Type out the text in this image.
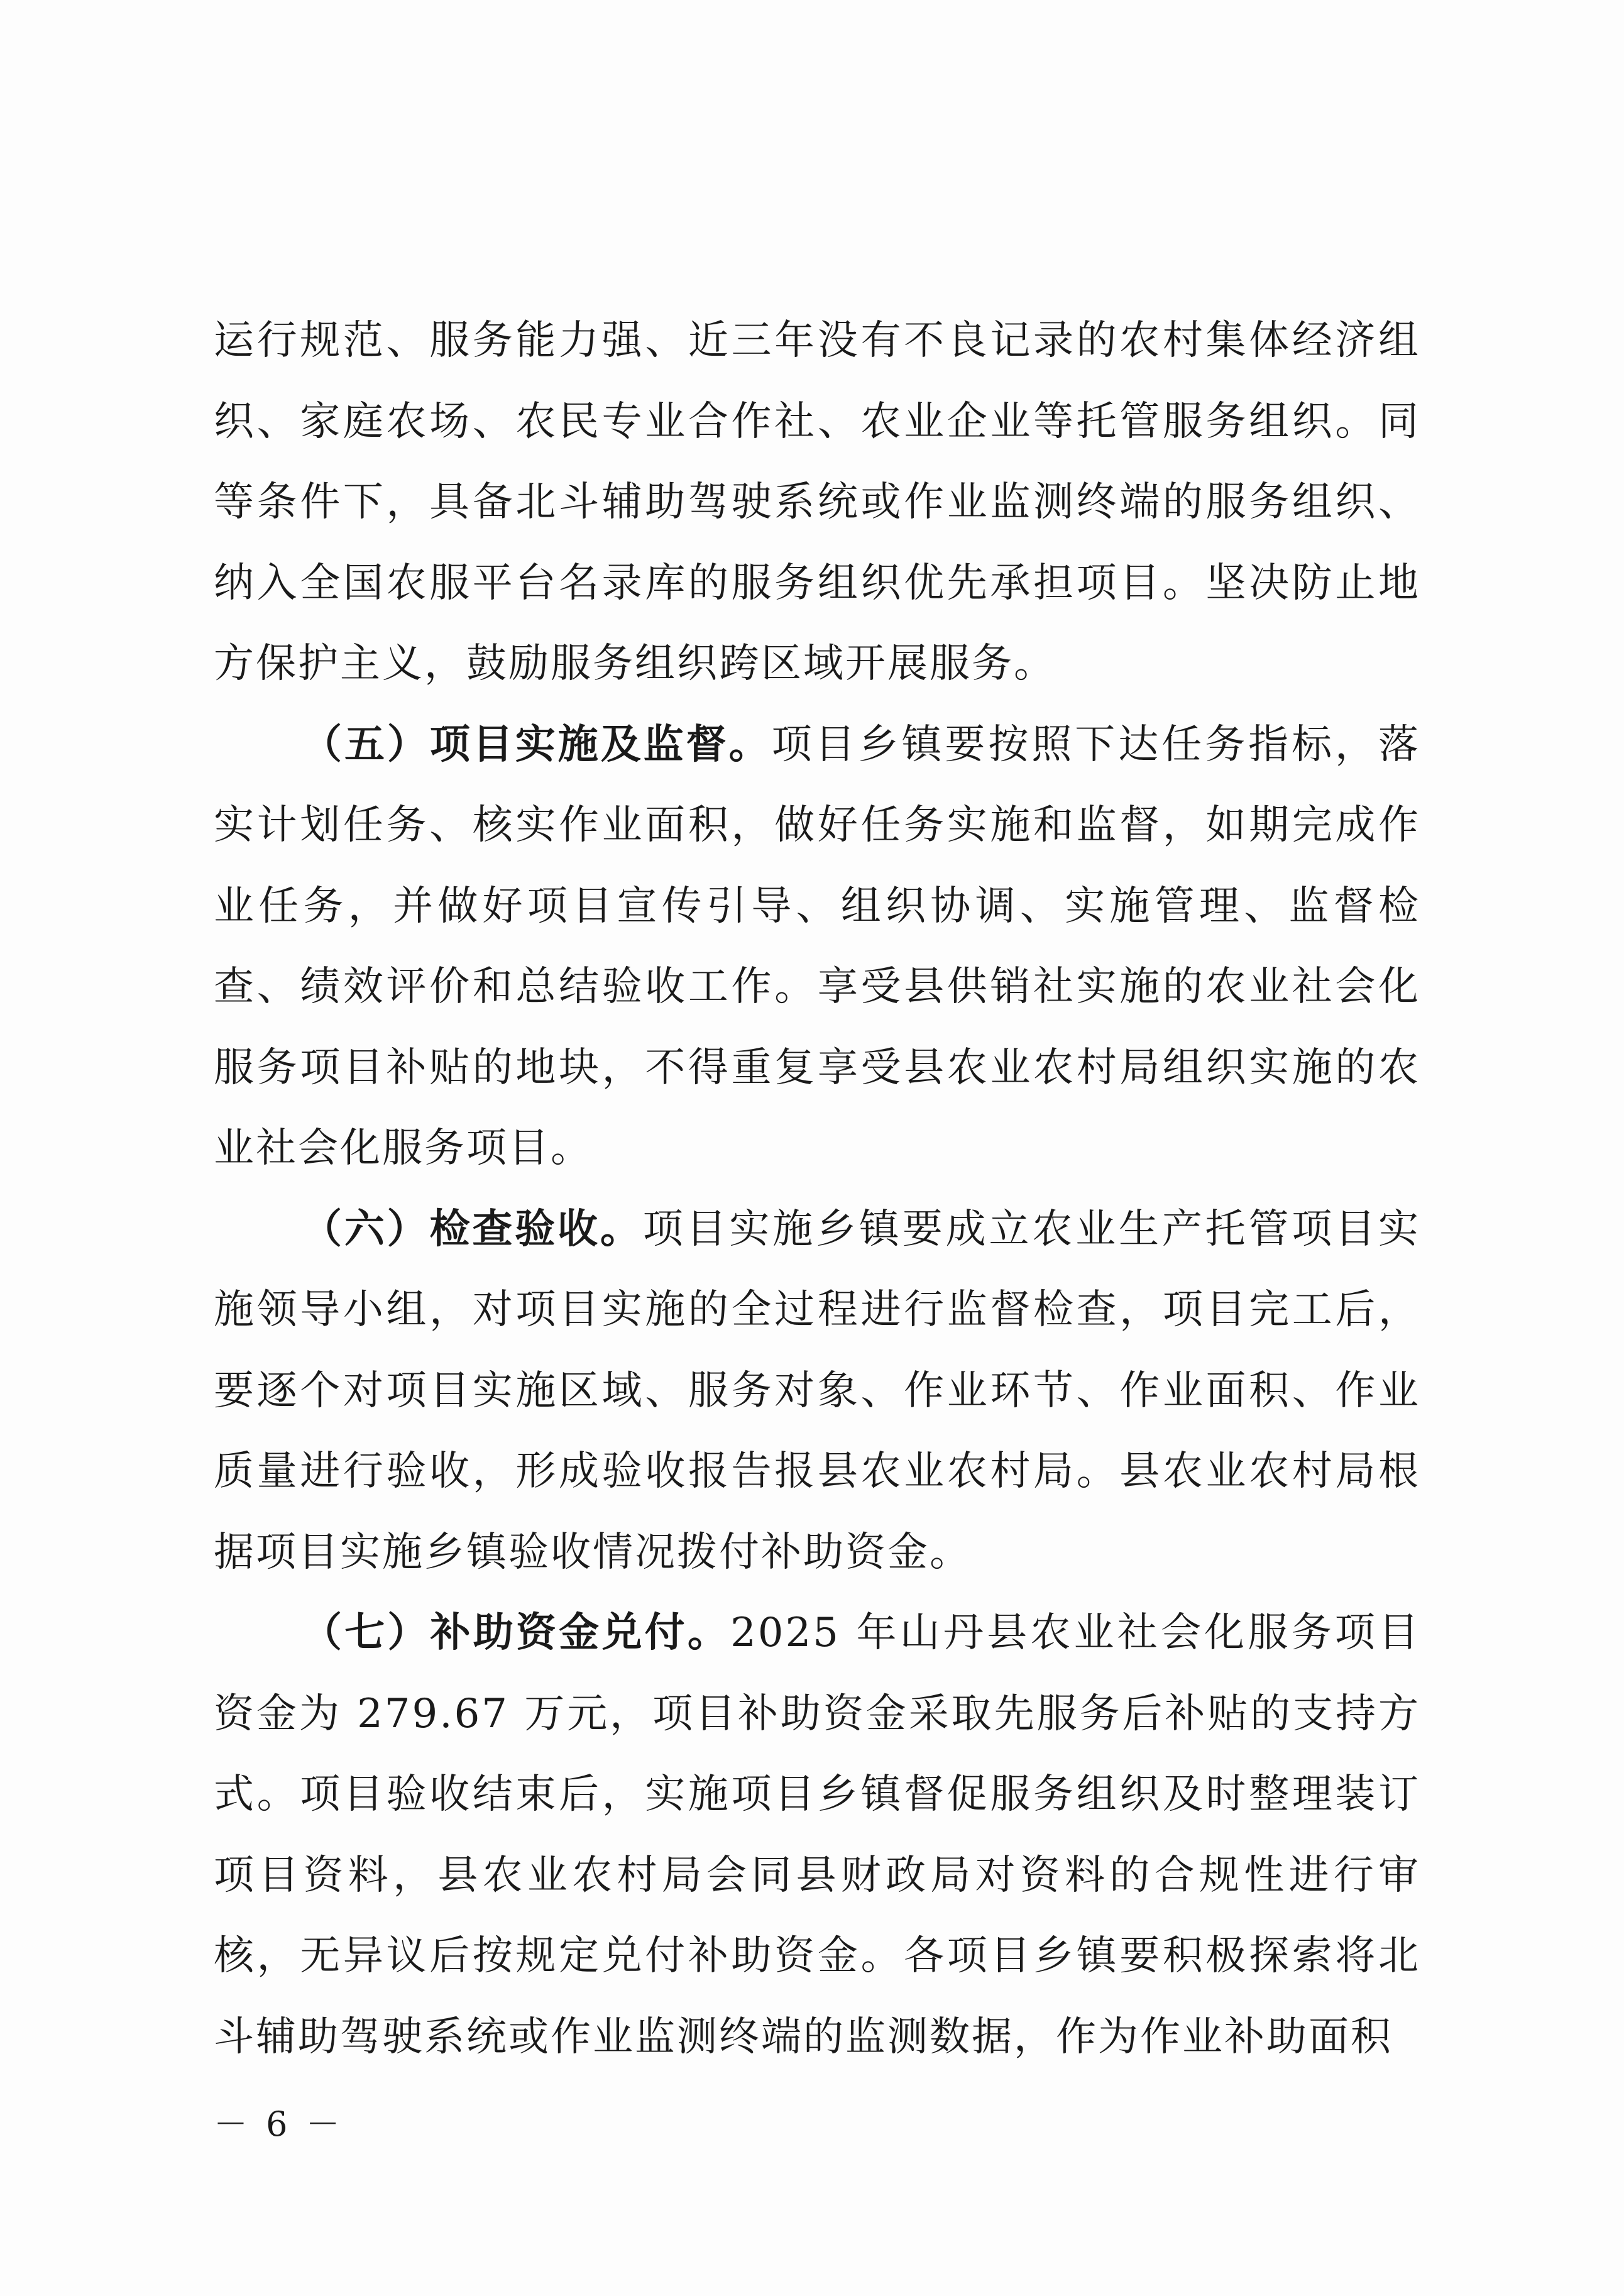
运行规范、服务能力强、近三年没有不良记录的农村集体经济组织、家庭农场、农民专业合作社、农业企业等托管服务组织。同等条件下，具备北斗辅助驾驶系统或作业监测终端的服务组织、纳入全国农服平台名录库的服务组织优先承担项目。坚决防止地方保护主义，鼓励服务组织跨区域开展服务。

（五）项目实施及监督。项目乡镇要按照下达任务指标，落实计划任务、核实作业面积，做好任务实施和监督，如期完成作业任务，并做好项目宣传引导、组织协调、实施管理、监督检查、绩效评价和总结验收工作。享受县供销社实施的农业社会化服务项目补贴的地块，不得重复享受县农业农村局组织实施的农业社会化服务项目。

（六）检查验收。项目实施乡镇要成立农业生产托管项目实施领导小组，对项目实施的全过程进行监督检查，项目完工后，要逐个对项目实施区域、服务对象、作业环节、作业面积、作业质量进行验收，形成验收报告报县农业农村局。县农业农村局根据项目实施乡镇验收情况拨付补助资金。

（七）补助资金兑付。2025 年山丹县农业社会化服务项目资金为 279.67 万元，项目补助资金采取先服务后补贴的支持方式。项目验收结束后，实施项目乡镇督促服务组织及时整理装订项目资料，县农业农村局会同县财政局对资料的合规性进行审核，无异议后按规定兑付补助资金。各项目乡镇要积极探索将北斗辅助驾驶系统或作业监测终端的监测数据，作为作业补助面积

－ 6 －
